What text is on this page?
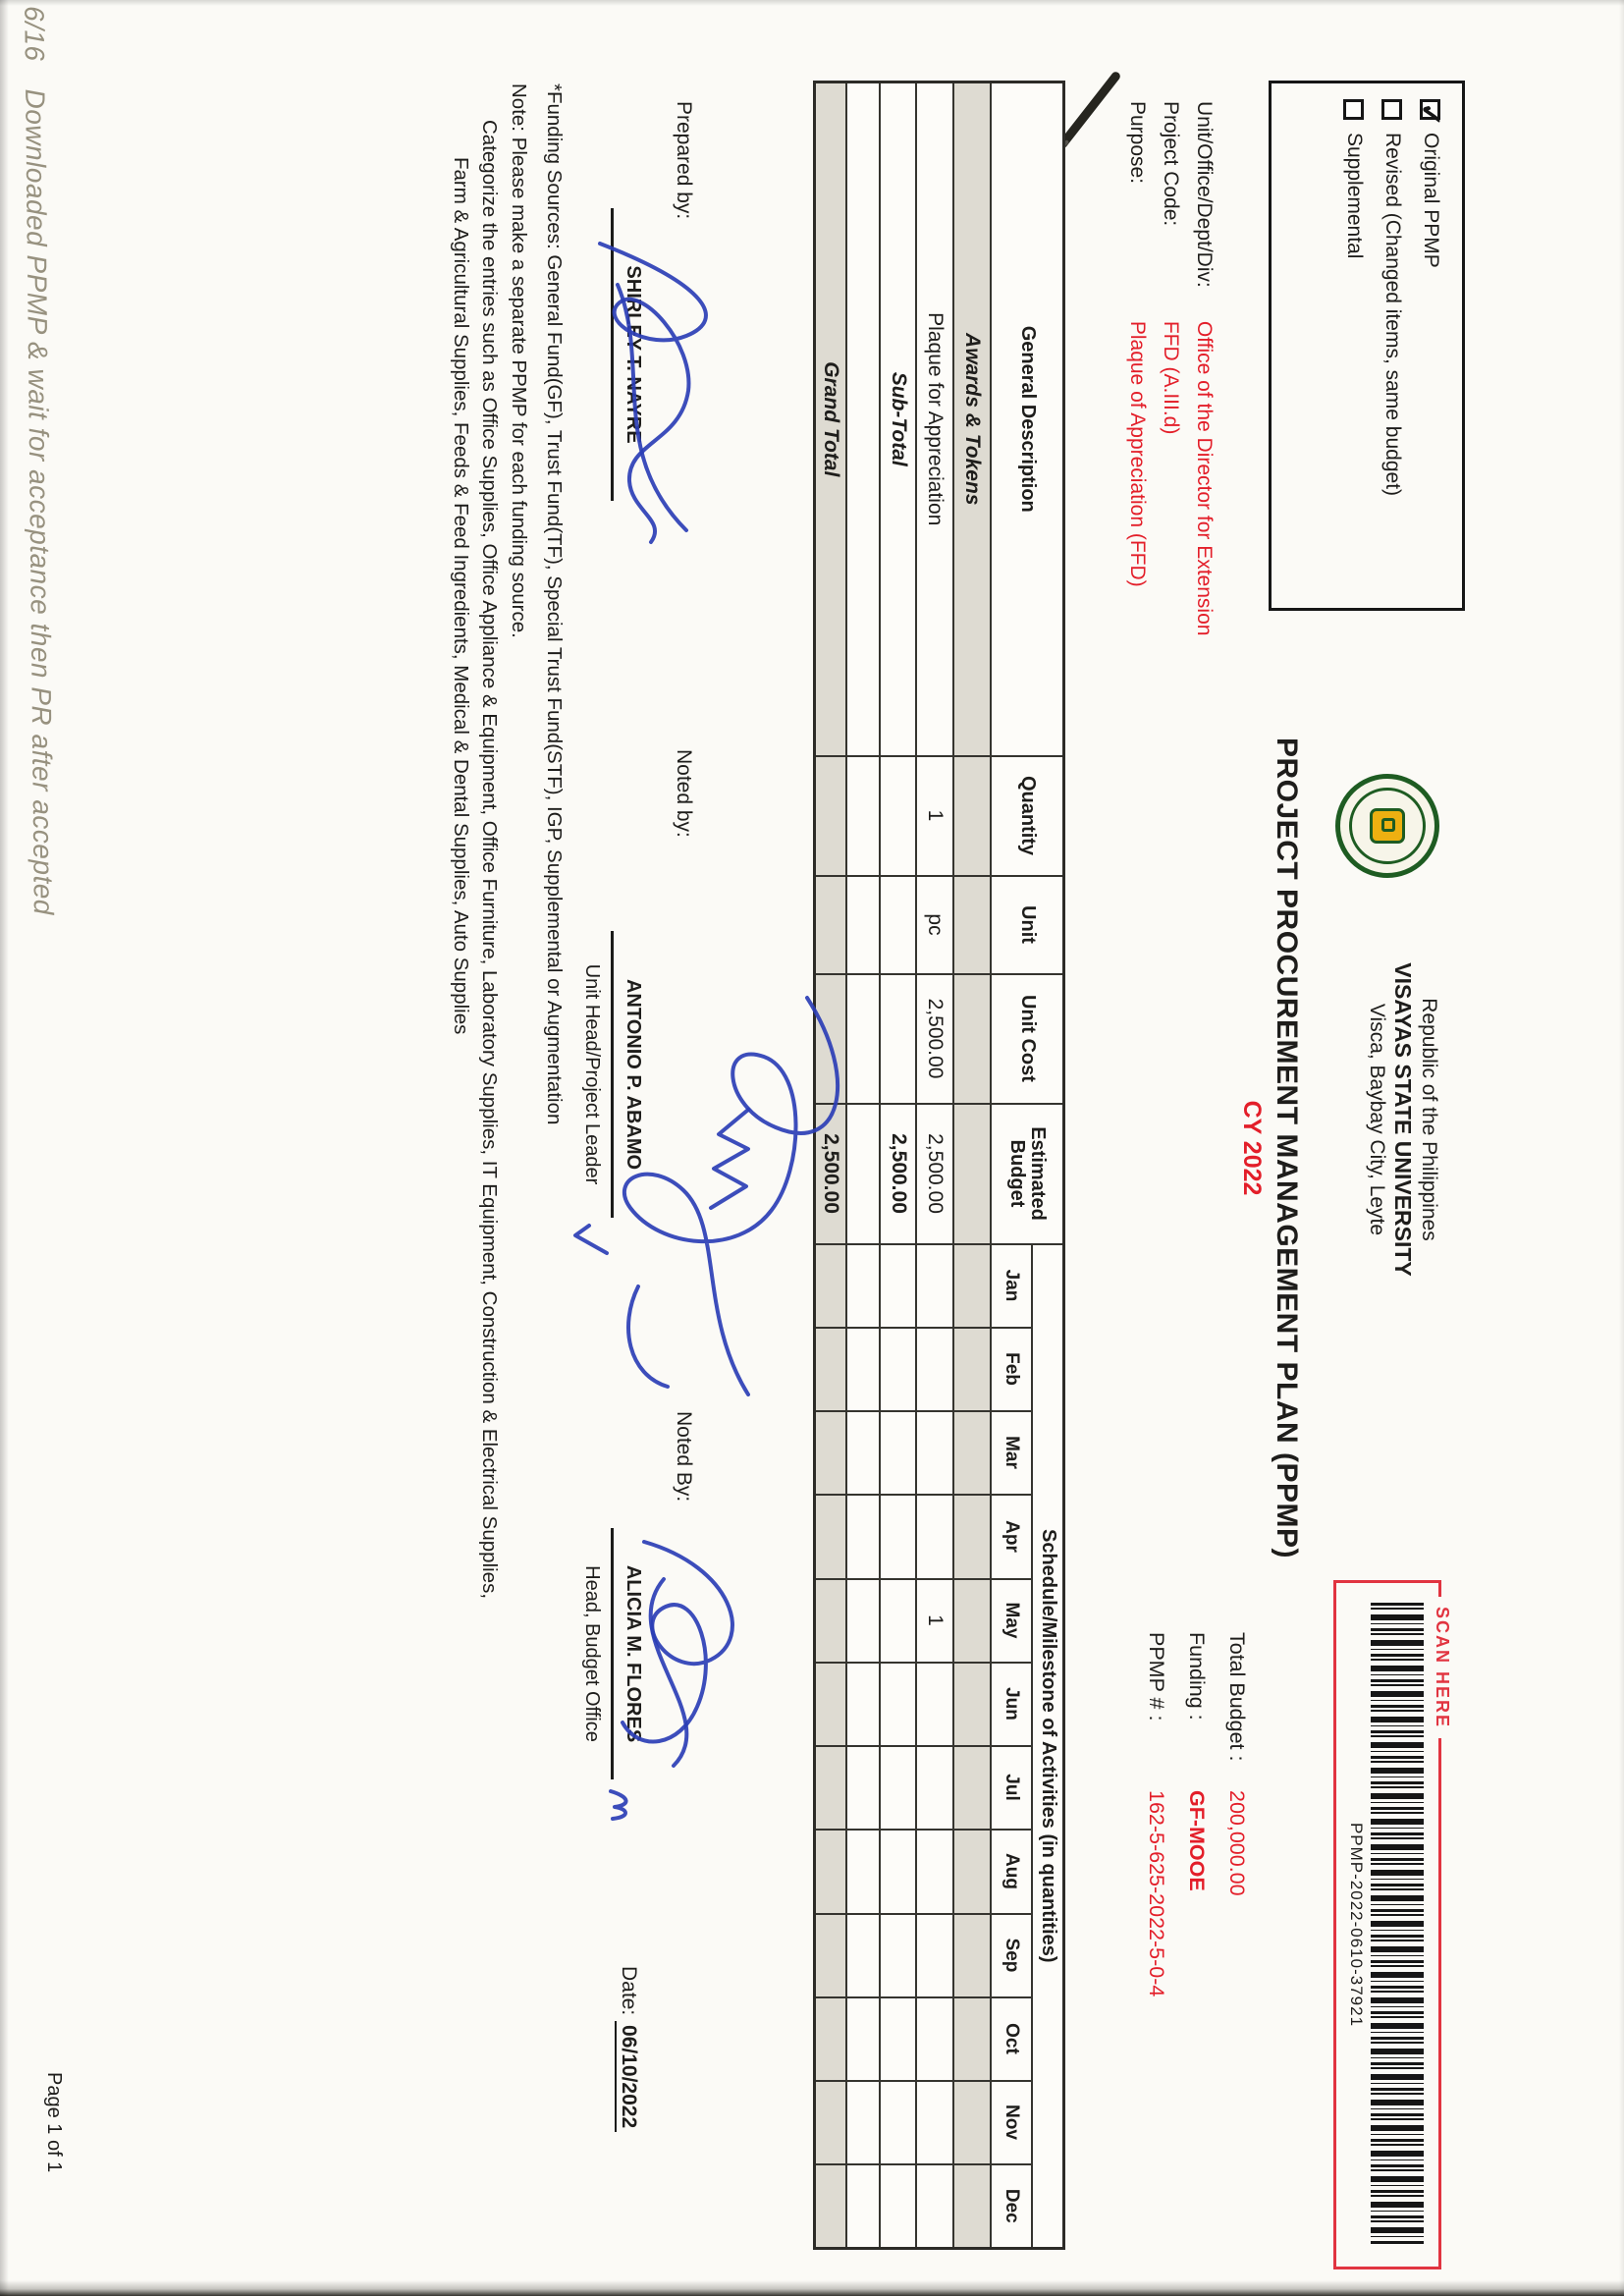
✓
Original PPMP
Revised (Changed items, same budget)
Supplemental
Republic of the Philippines
VISAYAS STATE UNIVERSITY
Visca, Baybay City, Leyte
PROJECT PROCUREMENT MANAGEMENT PLAN (PPMP)
CY 2022
Unit/Office/Dept/Div: Office of the Director for Extension
Project Code: FFD (A.III.d)
Purpose: Plaque of Appreciation (FFD)
Total Budget : 200,000.00
Funding : GF-MOOE
PPMP # : 162-5-625-2022-5-0-4
SCAN HERE
PPMP-2022-0610-37921
General Description	Quantity	Unit	Unit Cost	Estimated Budget	Schedule/Milestone of Activities (in quantities)											
					Jan	Feb	Mar	Apr	May	Jun	Jul	Aug	Sep	Oct	Nov	Dec
Awards & Tokens																
Plaque for Appreciation	1	pc	2,500.00	2,500.00					1							
Sub-Total				2,500.00												

Grand Total				2,500.00												
Prepared by:
SHIRLEY T. NAYRE
Noted by:
ANTONIO P. ABAMO
Unit Head/Project Leader
Noted By:
ALICIA M. FLORES
Head, Budget Office
Date: 06/10/2022
*Funding Sources: General Fund(GF), Trust Fund(TF), Special Trust Fund(STF), IGP, Supplemental or Augmentation
Note: Please make a separate PPMP for each funding source.
Categorize the entries such as Office Supplies, Office Appliance & Equipment, Office Furniture, Laboratory Supplies, IT Equipment, Construction & Electrical Supplies,
Farm & Agricultural Supplies, Feeds & Feed Ingredients, Medical & Dental Supplies, Auto Supplies
Page 1 of 1
6/16
Downloaded PPMP & wait for acceptance then PR after accepted
